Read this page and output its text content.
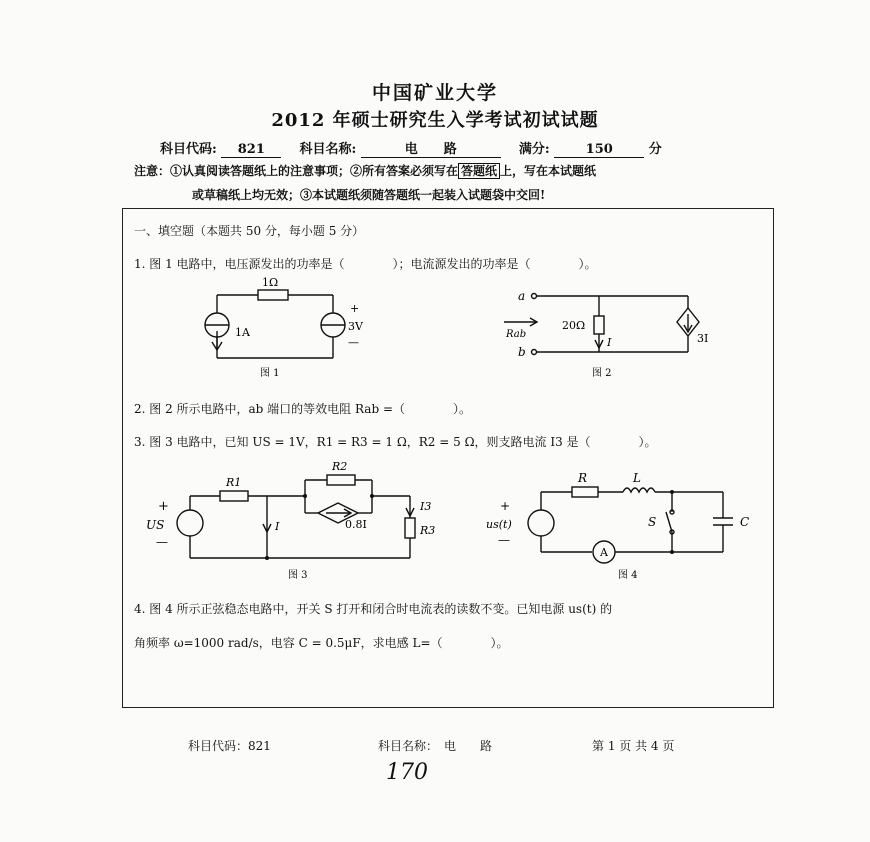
中国矿业大学
2012 年硕士研究生入学考试初试试题
科目代码: 821	科目名称:	电　　路	满分:	150	分
注意：①认真阅读答题纸上的注意事项；②所有答案必须写在 答题纸 上，写在本试题纸
或草稿纸上均无效；③本试题纸须随答题纸一起装入试题袋中交回!
一、填空题（本题共 50 分，每小题 5 分）
1. 图 1 电路中，电压源发出的功率是（　　　　）；电流源发出的功率是（　　　　）。
2. 图 2 所示电路中，ab 端口的等效电阻 Rab =（　　　　）。
3. 图 3 电路中，已知 US = 1V，R1 = R3 = 1 Ω，R2 = 5 Ω，则支路电流 I3 是（　　　　）。
4. 图 4 所示正弦稳态电路中，开关 S 打开和闭合时电流表的读数不变。已知电源 us(t) 的
角频率 ω=1000 rad/s，电容 C = 0.5μF，求电感 L=（　　　　）。
1Ω
1A
+
3V
—
图 1
a
b
Rab
20Ω
I	3I
图 2
+
US
—
R1
R2
R3
I
I3
0.8I
图 3
+
us(t)
—
R	L
C
S
A
图 4
科目代码：821	科目名称：　电　　路	第 1 页 共 4 页
170
